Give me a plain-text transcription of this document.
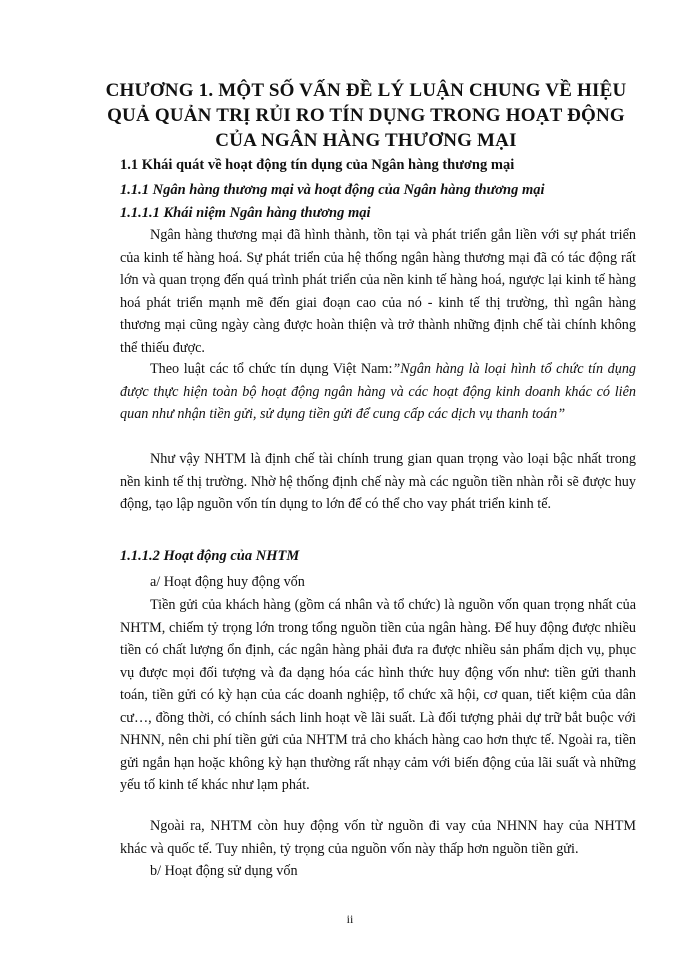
CHƯƠNG 1. MỘT SỐ VẤN ĐỀ LÝ LUẬN CHUNG VỀ HIỆU QUẢ QUẢN TRỊ RỦI RO TÍN DỤNG TRONG HOẠT ĐỘNG CỦA NGÂN HÀNG THƯƠNG MẠI
1.1 Khái quát về hoạt động tín dụng của Ngân hàng thương mại
1.1.1 Ngân hàng thương mại và hoạt động của Ngân hàng thương mại
1.1.1.1 Khái niệm Ngân hàng thương mại

Ngân hàng thương mại đã hình thành, tồn tại và phát triển gắn liền với sự phát triển của kinh tế hàng hoá. Sự phát triển của hệ thống ngân hàng thương mại đã có tác động rất lớn và quan trọng đến quá trình phát triển của nền kinh tế hàng hoá, ngược lại kinh tế hàng hoá phát triển mạnh mẽ đến giai đoạn cao của nó - kinh tế thị trường, thì ngân hàng thương mại cũng ngày càng được hoàn thiện và trở thành những định chế tài chính không thể thiếu được.

Theo luật các tổ chức tín dụng Việt Nam:”Ngân hàng là loại hình tổ chức tín dụng được thực hiện toàn bộ hoạt động ngân hàng và các hoạt động kinh doanh khác có liên quan như nhận tiền gửi, sử dụng tiền gửi để cung cấp các dịch vụ thanh toán”

Như vậy NHTM là định chế tài chính trung gian quan trọng vào loại bậc nhất trong nền kinh tế thị trường. Nhờ hệ thống định chế này mà các nguồn tiền nhàn rỗi sẽ được huy động, tạo lập nguồn vốn tín dụng to lớn để có thể cho vay phát triển kinh tế.

1.1.1.2 Hoạt động của NHTM

a/ Hoạt động huy động vốn

Tiền gửi của khách hàng (gồm cá nhân và tổ chức) là nguồn vốn quan trọng nhất của NHTM, chiếm tỷ trọng lớn trong tổng nguồn tiền của ngân hàng. Để huy động được nhiều tiền có chất lượng ổn định, các ngân hàng phải đưa ra được nhiều sản phẩm dịch vụ, phục vụ được mọi đối tượng và đa dạng hóa các hình thức huy động vốn như: tiền gửi thanh toán, tiền gửi có kỳ hạn của các doanh nghiệp, tổ chức xã hội, cơ quan, tiết kiệm của dân cư…, đồng thời, có chính sách linh hoạt về lãi suất. Là đối tượng phải dự trữ bắt buộc với NHNN, nên chi phí tiền gửi của NHTM trả cho khách hàng cao hơn thực tế. Ngoài ra, tiền gửi ngắn hạn hoặc không kỳ hạn thường rất nhạy cảm với biến động của lãi suất và những yếu tố kinh tế khác như lạm phát.

Ngoài ra, NHTM còn huy động vốn từ nguồn đi vay của NHNN hay của NHTM khác và quốc tế. Tuy nhiên, tỷ trọng của nguồn vốn này thấp hơn nguồn tiền gửi.

b/ Hoạt động sử dụng vốn

ii
